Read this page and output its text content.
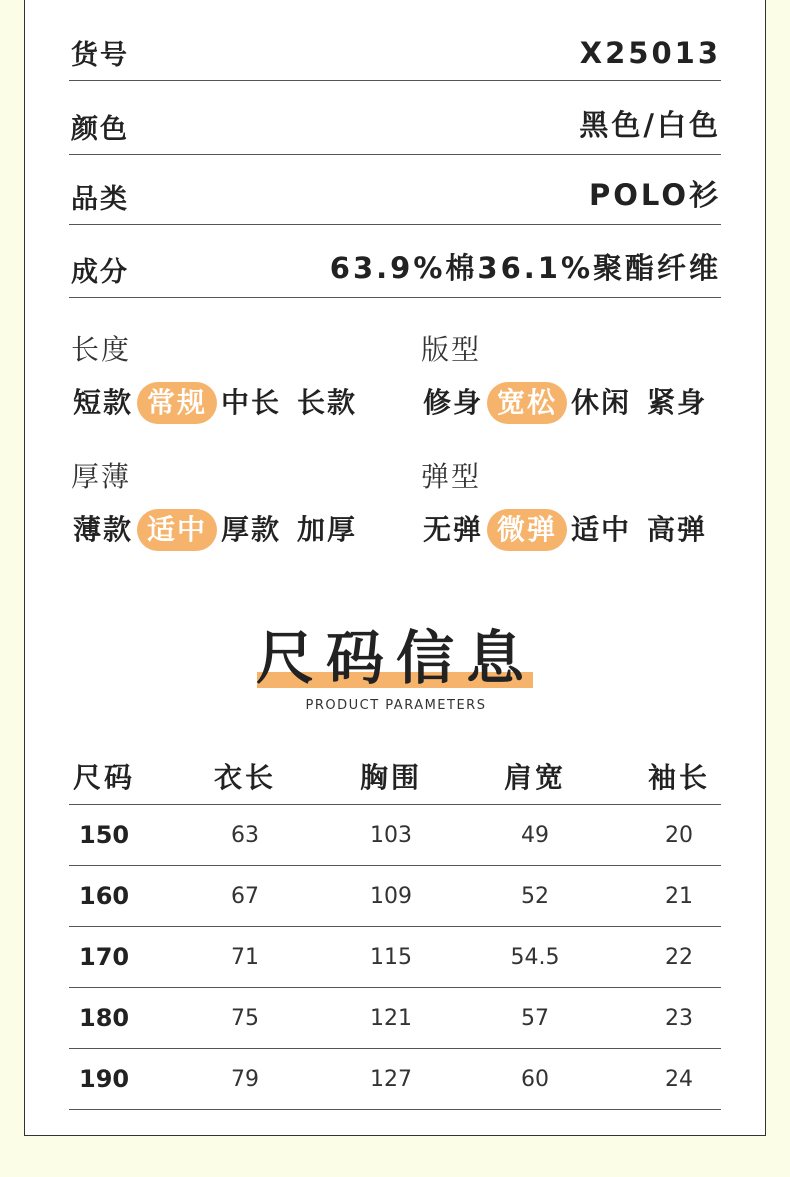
货号	X25013
颜色	黑色/白色
品类	POLO衫
成分	63.9%棉36.1%聚酯纤维
长度
短款 常规 中长 长款
版型
修身 宽松 休闲 紧身
厚薄
薄款 适中 厚款 加厚
弹型
无弹 微弹 适中 高弹
尺码信息
PRODUCT PARAMETERS
尺码	衣长	胸围	肩宽	袖长
150	63	103	49	20
160	67	109	52	21
170	71	115	54.5	22
180	75	121	57	23
190	79	127	60	24
